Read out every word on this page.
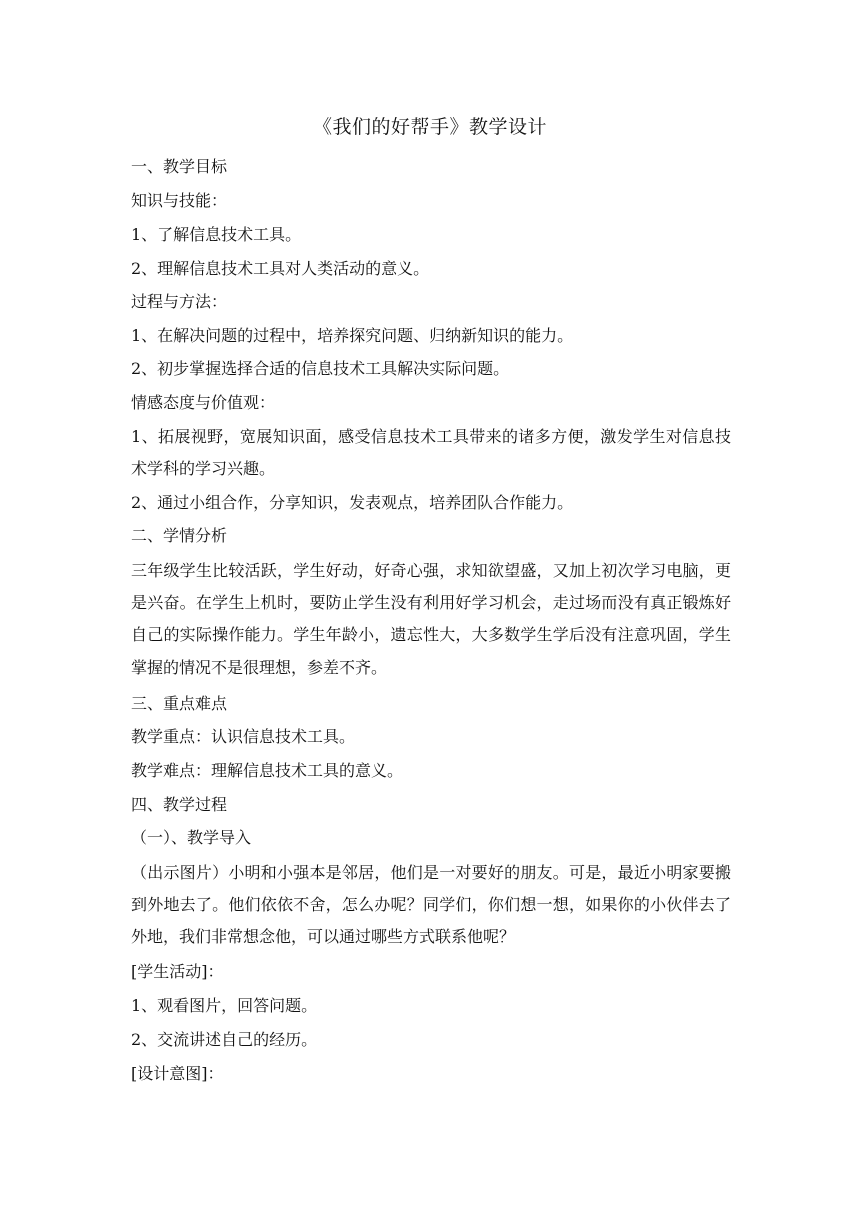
《我们的好帮手》教学设计
一、教学目标
知识与技能：
1、了解信息技术工具。
2、理解信息技术工具对人类活动的意义。
过程与方法：
1、在解决问题的过程中，培养探究问题、归纳新知识的能力。
2、初步掌握选择合适的信息技术工具解决实际问题。
情感态度与价值观：
1、拓展视野，宽展知识面，感受信息技术工具带来的诸多方便，激发学生对信息技术学科的学习兴趣。
2、通过小组合作，分享知识，发表观点，培养团队合作能力。
二、学情分析
三年级学生比较活跃，学生好动，好奇心强，求知欲望盛，又加上初次学习电脑，更是兴奋。在学生上机时，要防止学生没有利用好学习机会，走过场而没有真正锻炼好自己的实际操作能力。学生年龄小，遗忘性大，大多数学生学后没有注意巩固，学生掌握的情况不是很理想，参差不齐。
三、重点难点
教学重点：认识信息技术工具。
教学难点：理解信息技术工具的意义。
四、教学过程
（一）、教学导入
（出示图片）小明和小强本是邻居，他们是一对要好的朋友。可是，最近小明家要搬到外地去了。他们依依不舍，怎么办呢？同学们，你们想一想，如果你的小伙伴去了外地，我们非常想念他，可以通过哪些方式联系他呢？
[学生活动]：
1、观看图片，回答问题。
2、交流讲述自己的经历。
[设计意图]：
